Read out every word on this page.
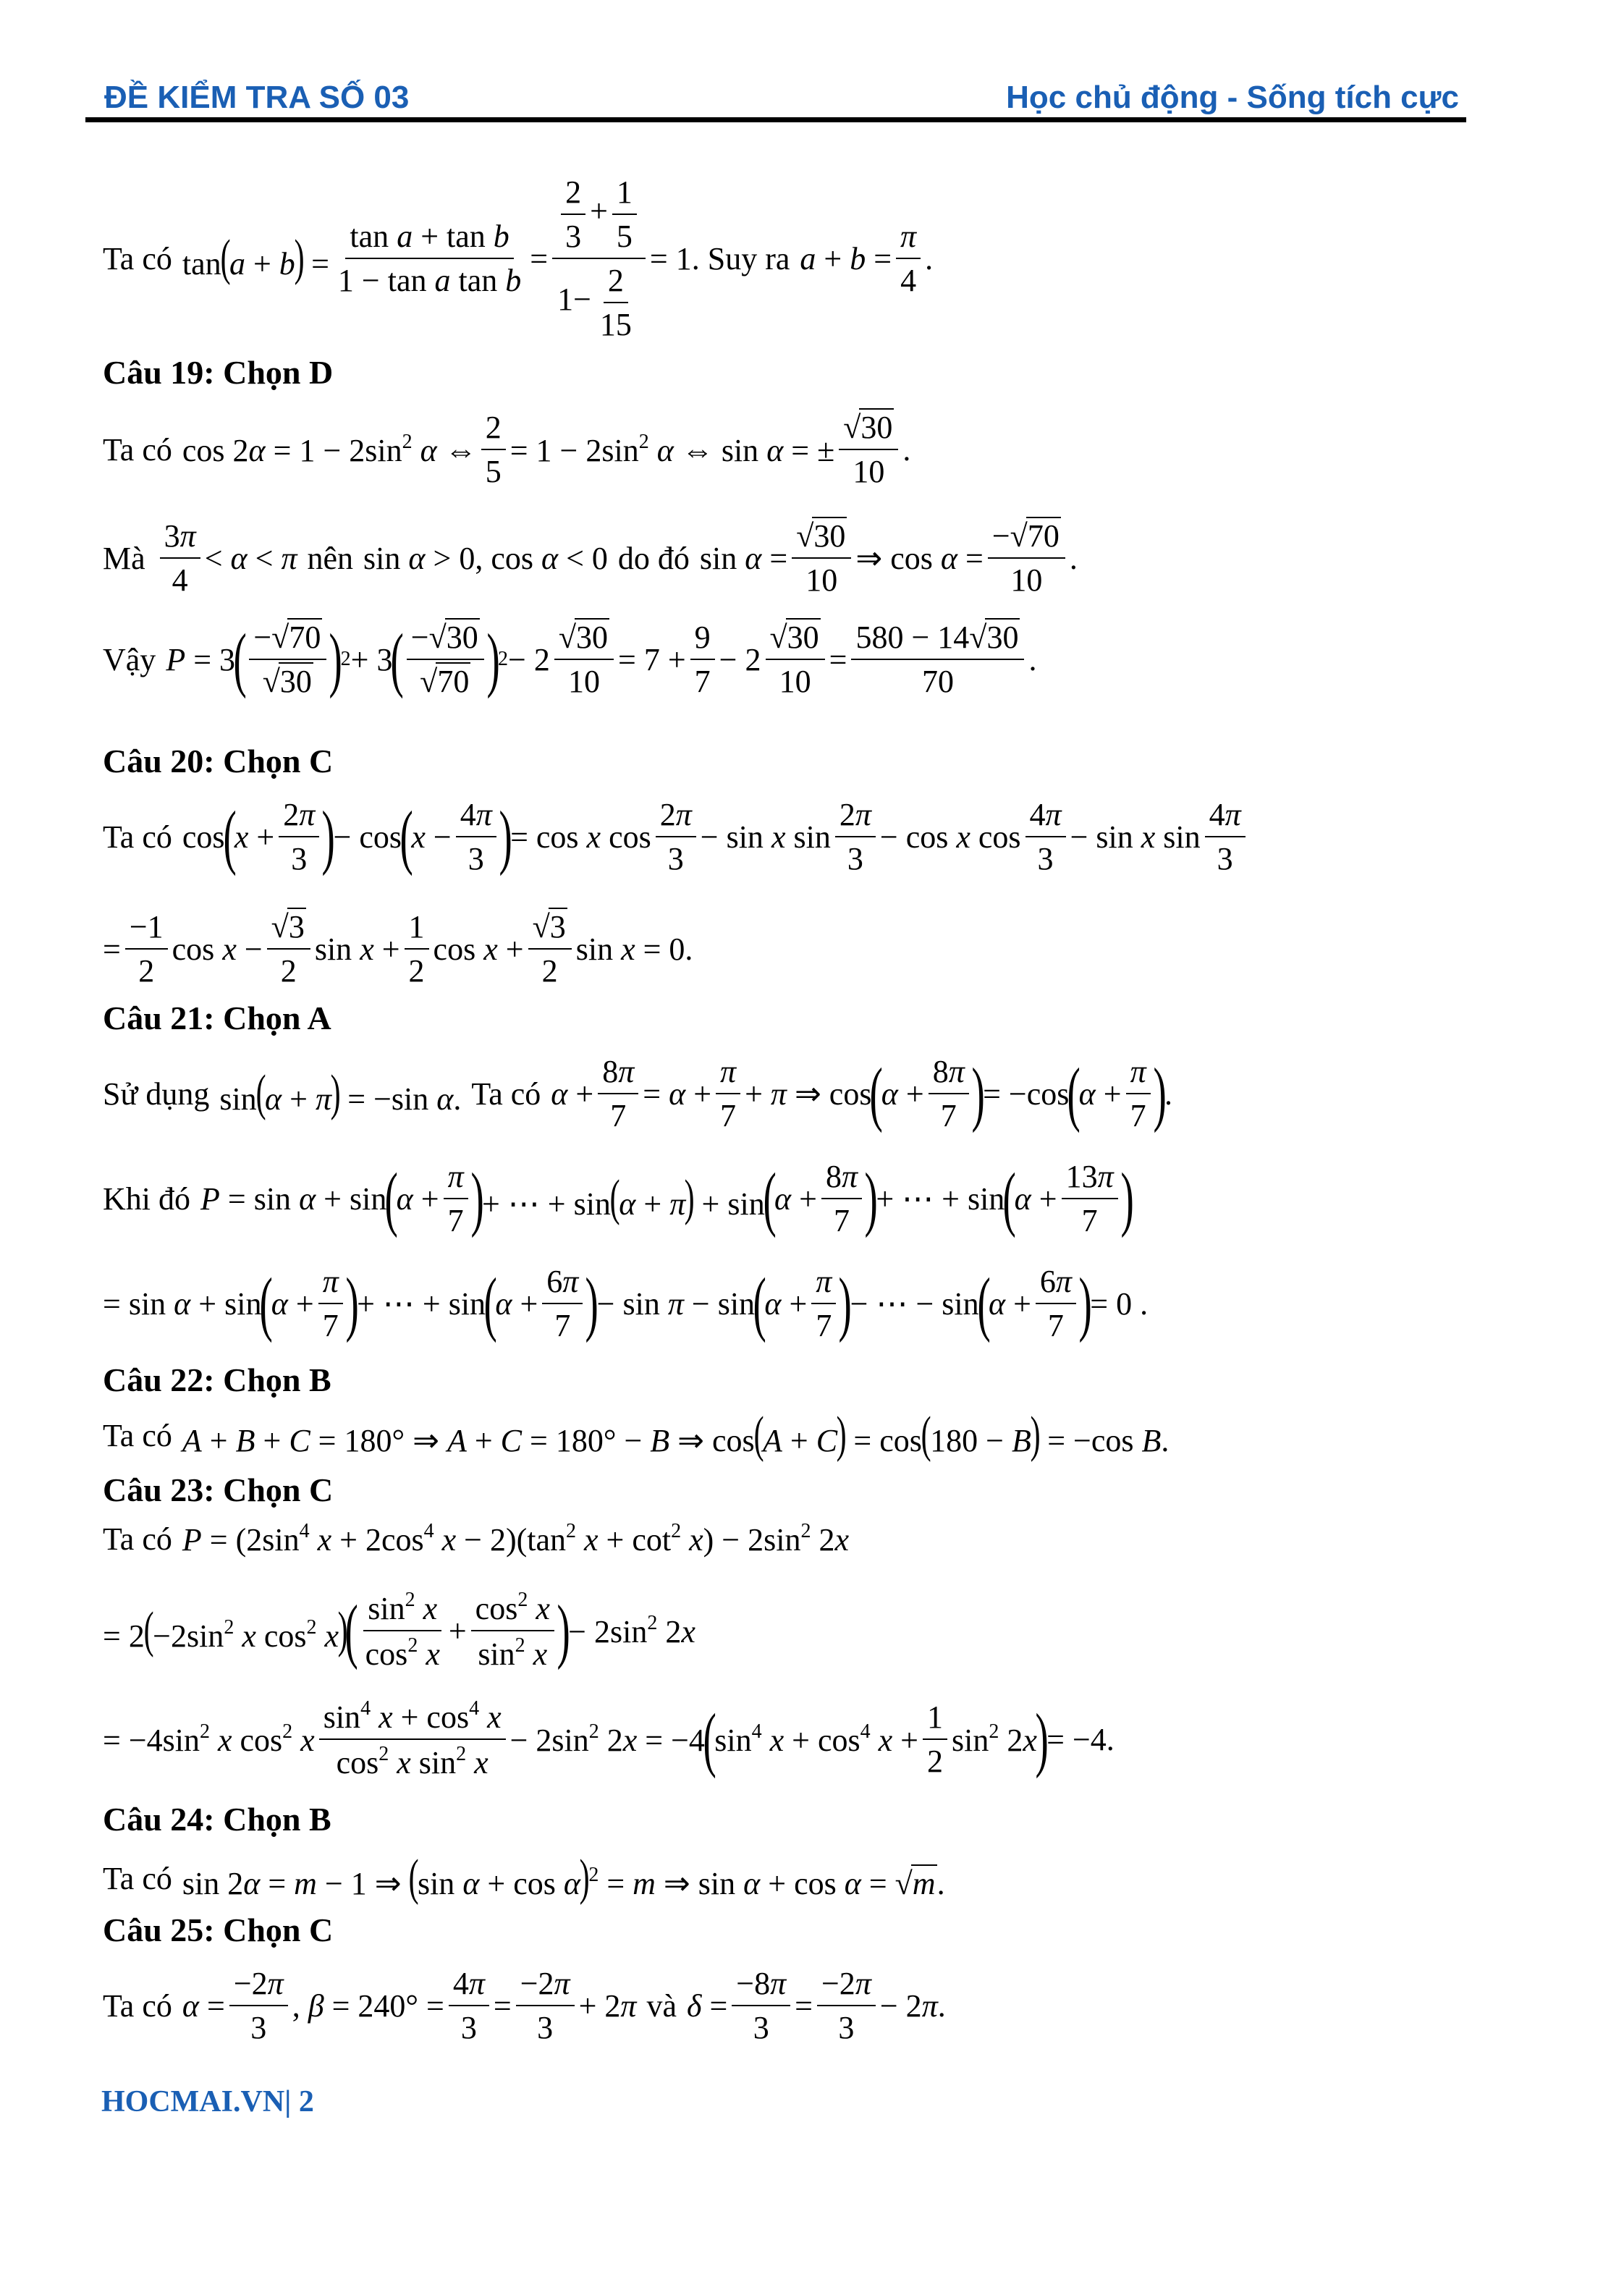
ĐỀ KIỂM TRA SỐ 03	Học chủ động - Sống tích cực
Ta có $\tan(a + b) = \frac{\text{tan a + tan b}}{\text{1 − tan a tan b}} = \frac{\frac{2}{3} + \frac{1}{5}}{1- \frac{2}{15}} = 1$. Suy ra $a + b = \frac{\pi}{4}$ .
Câu 19: Chọn D
Ta có $\cos 2\alpha = 1 - 2\sin^2$ α ⇔ $\frac{2}{5} = 1 - 2\sin^2$ α ⇔ sin α = ± $\frac{√30}{10}$ .
Mà $\frac{3\pi}{4} < \alpha < \pi$ nên sin α > 0, cos α < 0 do đó $\sin \alpha = \frac{√30}{10}$ ⇒ $\cos \alpha = \frac{-√70}{10}$ .
Vậy P = 3
( $\frac{-√70}{√30}$ )
2 + 3
( $\frac{-√30}{√70}$ )
$2 - 2 \frac{√30}{10} = 7 + \frac{9}{7} - 2 \frac{√30}{10} = \frac{580 - 14√30}{70}$ .
Câu 20: Chọn C
Ta có cos
(
$x + \frac{2\pi}{3}$ )
− cos
(
$x - \frac{4\pi}{3}$ )
= cos x $\cos \frac{2\pi}{3} - \sin x$ $\sin \frac{2\pi}{3} - \cos x$ $\cos \frac{4\pi}{3} - \sin x$ $\sin \frac{4\pi}{3}$
= $\frac{-1}{2}$ $\cos x - \frac{√3}{2}$ $\sin x + \frac{1}{2}$ $\cos x + \frac{√3}{2}$ sin x = 0.
Câu 21: Chọn A
Sử dụng sin(α + π) = −sin α. Ta có $\alpha + \frac{8\pi}{7} = \alpha + \frac{\pi}{7} + \pi$ ⇒ cos
(
$\alpha + \frac{8\pi}{7}$ )
= −cos
(
$\alpha + \frac{\pi}{7}$ )
.
Khi đó P = sin α + sin
(
$\alpha + \frac{\pi}{7}$ )
+ ⋯ + sin(α + π) + sin
(
$\alpha + \frac{8\pi}{7}$ )
+ ⋯ + sin
(
$\alpha + \frac{13\pi}{7}$ )
= sin α + sin
(
$\alpha + \frac{\pi}{7}$ )
+ ⋯ + sin
(
$\alpha + \frac{6\pi}{7}$ )
− sin π − sin
(
$\alpha + \frac{\pi}{7}$ )
− ⋯ − sin
(
$\alpha + \frac{6\pi}{7}$ )
= 0 .
Câu 22: Chọn B
Ta có A + B + C = 180° ⇒ A + C = 180° − B ⇒ cos(A + C) = cos(180 − B) = −cos B.
Câu 23: Chọn C
Ta có $P = (2\sin^4$ $x + 2\cos^4$ $x - 2)(\tan^2$ $x + \cot^2 x) - 2\sin^2$ 2x
= $2(-2\sin^2$ x $\cos^2 x$)
( $\frac{\sin^2 x}{\cos^2 x} + \frac{\cos^2 x}{\sin^2 x}$ )
− $2\sin^2$ 2x
= $-4\sin^2$ x $\cos^2 x \frac{\sin^4 x + \cos^4 x}{\cos^2 x \sin^2 x} - 2\sin^2$ 2x = −4
(
$\sin^4 x + \cos^4 x + \frac{1}{2} \sin^2 2x$
)
= −4.
Câu 24: Chọn B
Ta có sin 2α = m − 1 ⇒ (sin α + cos α)$^2$ = m ⇒ sin α + cos α = √m.
Câu 25: Chọn C
Ta có $\alpha = \frac{-2\pi}{3}$ , $\beta = 240^\circ = \frac{4\pi}{3} = \frac{-2\pi}{3} + 2\pi$ và $\delta = \frac{-8\pi}{3} = \frac{-2\pi}{3} - 2\pi$.
HOCMAI.VN| 2
